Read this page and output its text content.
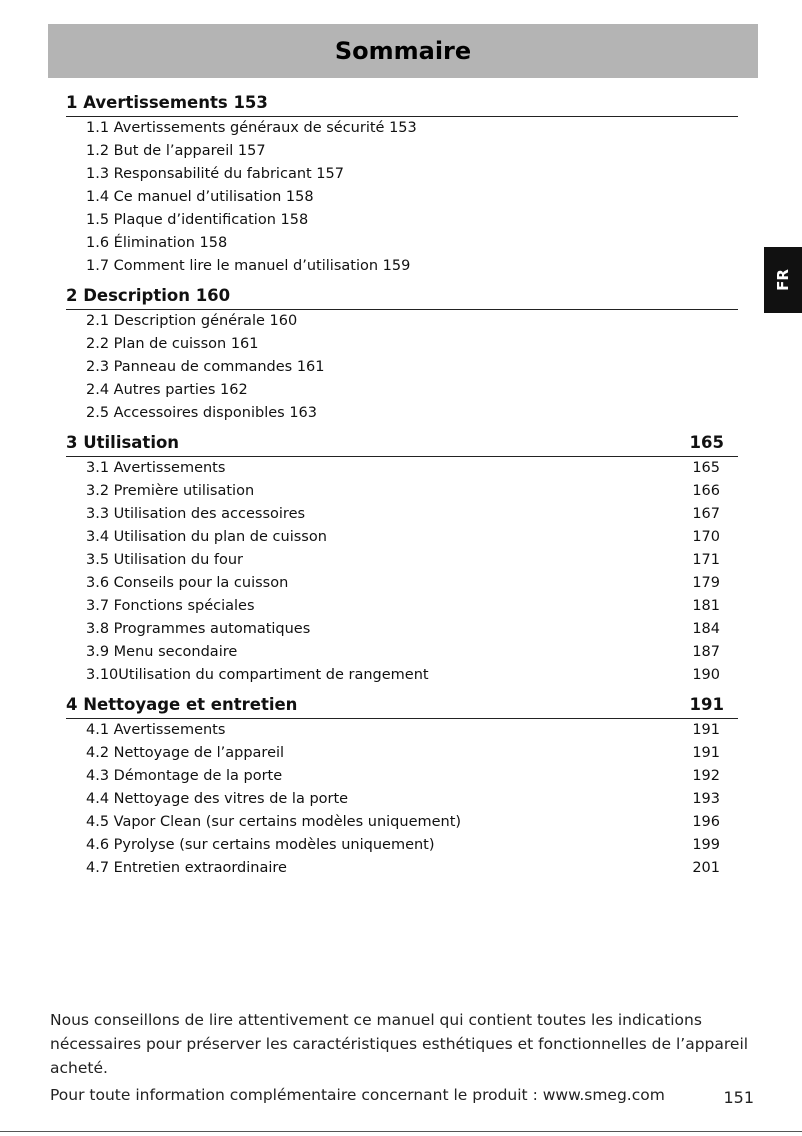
Sommaire
FR
1 Avertissements 153
1.1 Avertissements généraux de sécurité 153
1.2 But de l’appareil 157
1.3 Responsabilité du fabricant 157
1.4 Ce manuel d’utilisation 158
1.5 Plaque d’identification 158
1.6 Élimination 158
1.7 Comment lire le manuel d’utilisation 159
2 Description 160
2.1 Description générale 160
2.2 Plan de cuisson 161
2.3 Panneau de commandes 161
2.4 Autres parties 162
2.5 Accessoires disponibles 163
3 Utilisation	165
3.1 Avertissements	165
3.2 Première utilisation	166
3.3 Utilisation des accessoires	167
3.4 Utilisation du plan de cuisson	170
3.5 Utilisation du four	171
3.6 Conseils pour la cuisson	179
3.7 Fonctions spéciales	181
3.8 Programmes automatiques	184
3.9 Menu secondaire	187
3.10Utilisation du compartiment de rangement	190
4 Nettoyage et entretien	191
4.1 Avertissements	191
4.2 Nettoyage de l’appareil	191
4.3 Démontage de la porte	192
4.4 Nettoyage des vitres de la porte	193
4.5 Vapor Clean (sur certains modèles uniquement)	196
4.6 Pyrolyse (sur certains modèles uniquement)	199
4.7 Entretien extraordinaire	201

Nous conseillons de lire attentivement ce manuel qui contient toutes les indications nécessaires pour préserver les caractéristiques esthétiques et fonctionnelles de l’appareil acheté.

Pour toute information complémentaire concernant le produit : www.smeg.com	151
